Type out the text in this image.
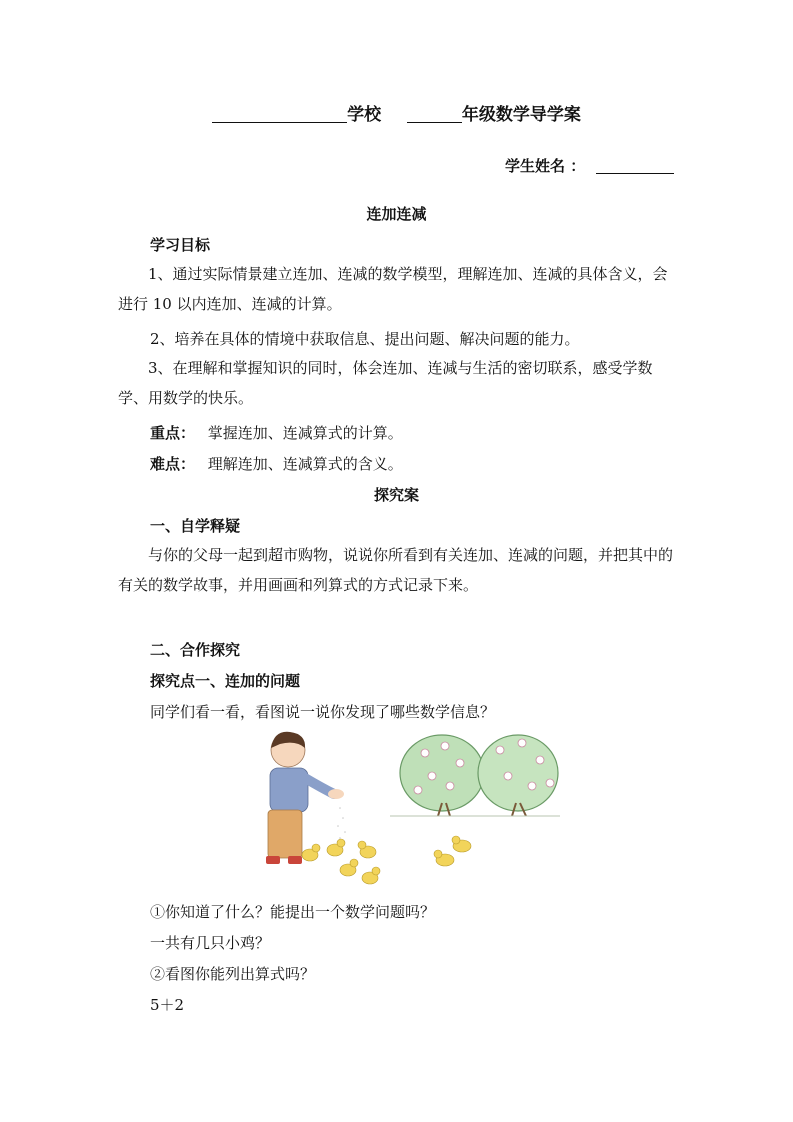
学校	年级数学导学案
学生姓名 ：
连加连减
学习目标
1、通过实际情景建立连加、连减的数学模型，理解连加、连减的具体含义，会进行 10 以内连加、连减的计算。
2、培养在具体的情境中获取信息、提出问题、解决问题的能力。
3、在理解和掌握知识的同时，体会连加、连减与生活的密切联系，感受学数学、用数学的快乐。
重点： 掌握连加、连减算式的计算。
难点： 理解连加、连减算式的含义。
探究案
一、自学释疑
与你的父母一起到超市购物，说说你所看到有关连加、连减的问题，并把其中的有关的数学故事，并用画画和列算式的方式记录下来。
二、合作探究
探究点一、连加的问题
同学们看一看，看图说一说你发现了哪些数学信息？
①你知道了什么？能提出一个数学问题吗？
一共有几只小鸡？
②看图你能列出算式吗？
5＋2
